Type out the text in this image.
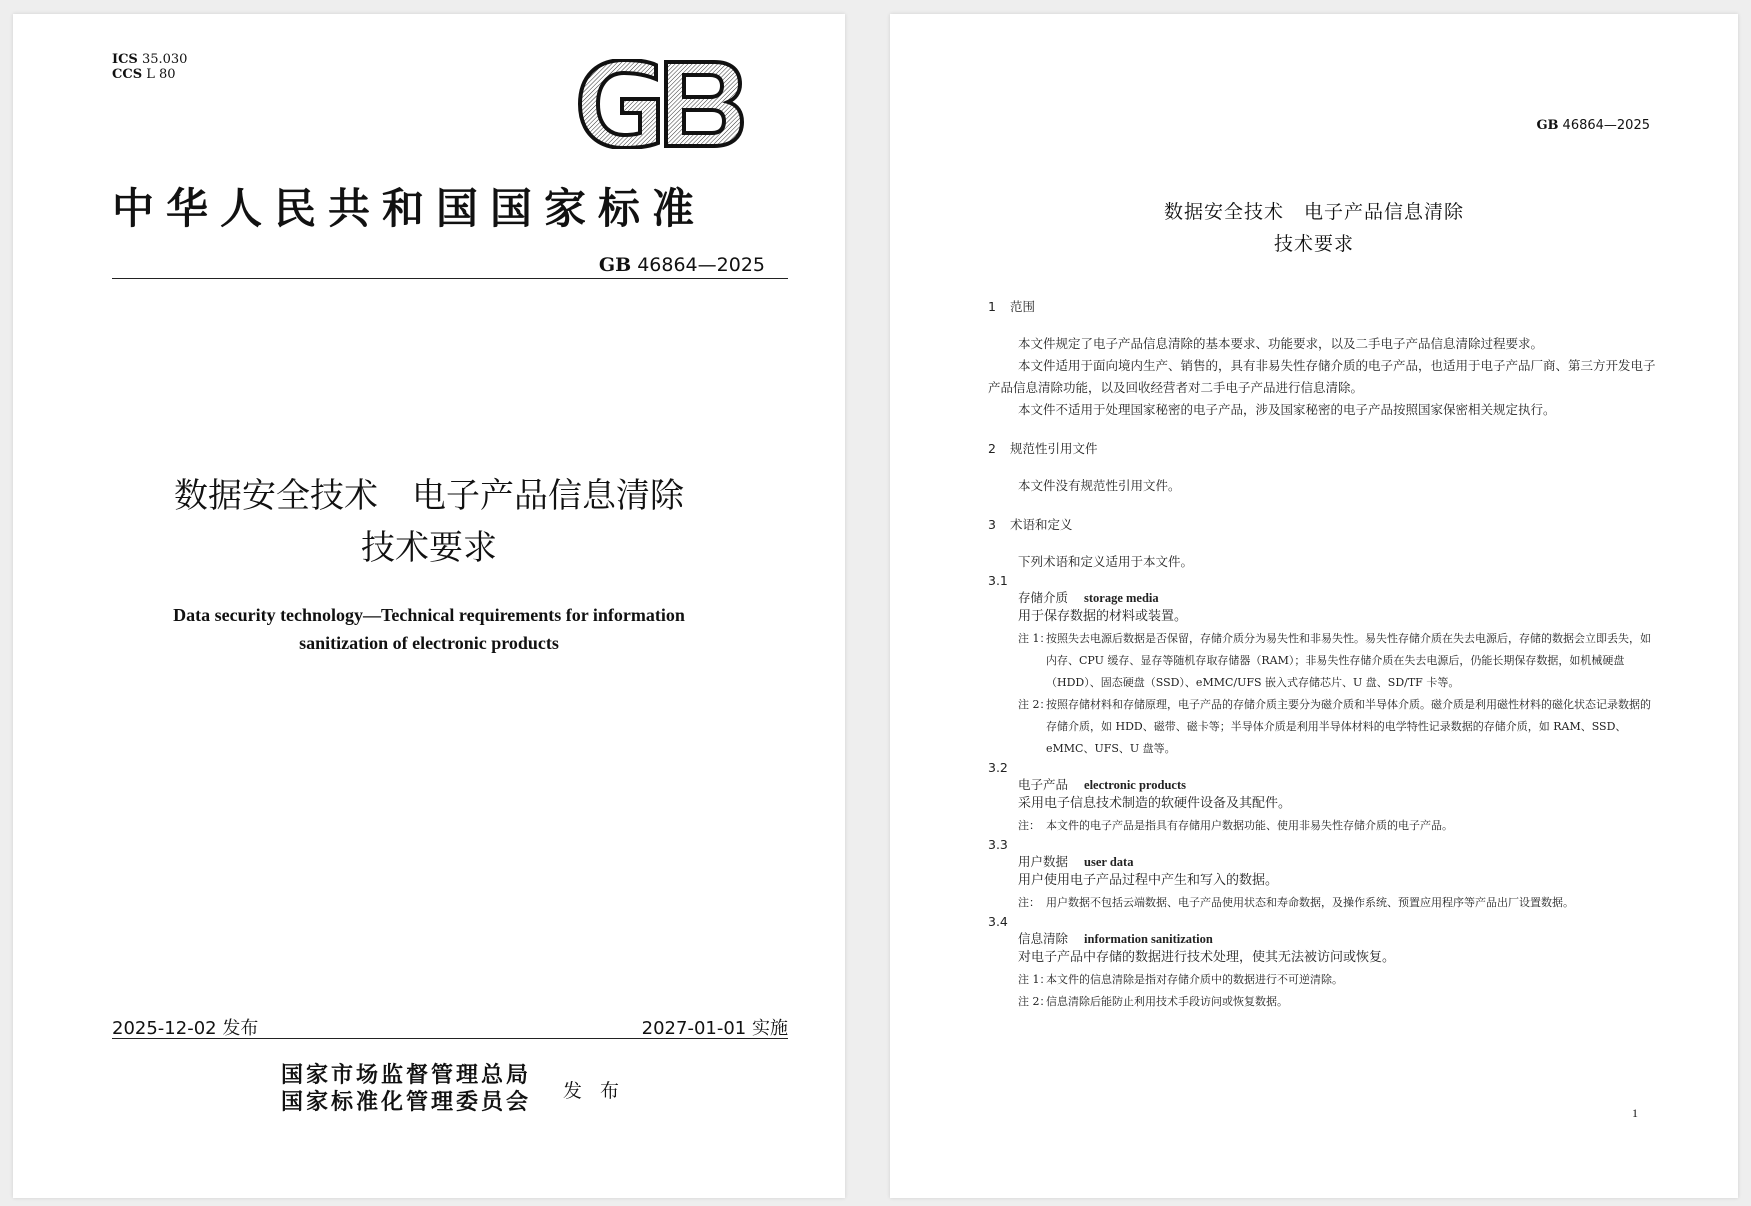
ICS 35.030
CCS L 80
中华人民共和国国家标准
GB 46864—2025
数据安全技术　电子产品信息清除
技术要求
Data security technology—Technical requirements for information
sanitization of electronic products
2025-12-02 发布	2027-01-01 实施
国家市场监督管理总局
国家标准化管理委员会 发 布
GB 46864—2025
数据安全技术　电子产品信息清除
技术要求

1 范围

本文件规定了电子产品信息清除的基本要求、功能要求，以及二手电子产品信息清除过程要求。

本文件适用于面向境内生产、销售的，具有非易失性存储介质的电子产品，也适用于电子产品厂商、第三方开发电子产品信息清除功能，以及回收经营者对二手电子产品进行信息清除。

本文件不适用于处理国家秘密的电子产品，涉及国家秘密的电子产品按照国家保密相关规定执行。

2 规范性引用文件

本文件没有规范性引用文件。

3 术语和定义

下列术语和定义适用于本文件。

3.1
存储介质 storage media
用于保存数据的材料或装置。
注 1：
按照失去电源后数据是否保留，存储介质分为易失性和非易失性。易失性存储介质在失去电源后，存储的数据会立即丢失，如内存、CPU 缓存、显存等随机存取存储器（RAM）；非易失性存储介质在失去电源后，仍能长期保存数据，如机械硬盘（HDD）、固态硬盘（SSD）、eMMC/UFS 嵌入式存储芯片、U 盘、SD/TF 卡等。
注 2：
按照存储材料和存储原理，电子产品的存储介质主要分为磁介质和半导体介质。磁介质是利用磁性材料的磁化状态记录数据的存储介质，如 HDD、磁带、磁卡等；半导体介质是利用半导体材料的电学特性记录数据的存储介质，如 RAM、SSD、eMMC、UFS、U 盘等。
3.2
电子产品 electronic products
采用电子信息技术制造的软硬件设备及其配件。
注： 本文件的电子产品是指具有存储用户数据功能、使用非易失性存储介质的电子产品。
3.3
用户数据 user data
用户使用电子产品过程中产生和写入的数据。
注： 用户数据不包括云端数据、电子产品使用状态和寿命数据，及操作系统、预置应用程序等产品出厂设置数据。
3.4
信息清除 information sanitization
对电子产品中存储的数据进行技术处理，使其无法被访问或恢复。
注 1：
本文件的信息清除是指对存储介质中的数据进行不可逆清除。
注 2：
信息清除后能防止利用技术手段访问或恢复数据。
1
